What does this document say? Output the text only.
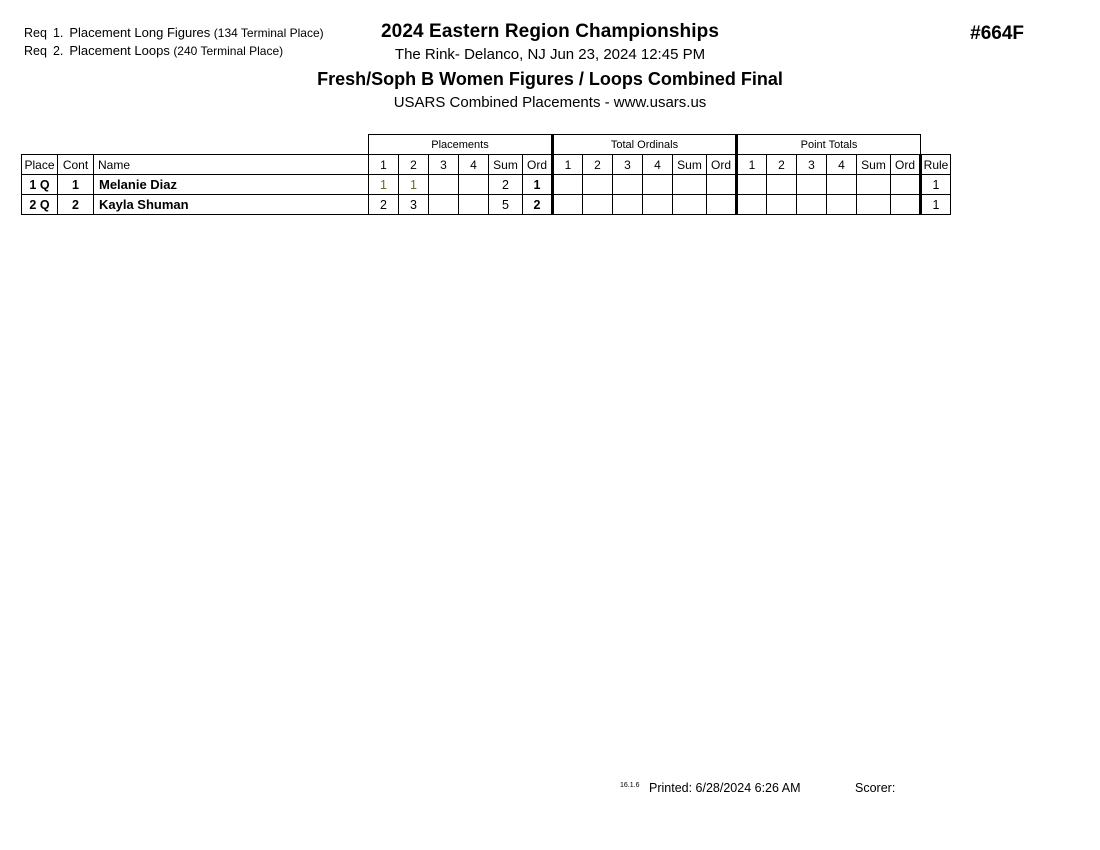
Req 1. Placement Long Figures (134 Terminal Place)
Req 2. Placement Loops (240 Terminal Place)
2024 Eastern Region Championships
The Rink- Delanco, NJ Jun 23, 2024 12:45 PM
Fresh/Soph B Women Figures / Loops Combined Final
USARS Combined Placements - www.usars.us
#664F
			Placements						Total Ordinals						Point Totals						
Place	Cont	Name	1	2	3	4	Sum	Ord	1	2	3	4	Sum	Ord	1	2	3	4	Sum	Ord	Rule
1 Q	1	Melanie Diaz	1	1			2	1													1
2 Q	2	Kayla Shuman	2	3			5	2													1
16.1.6 Printed: 6/28/2024 6:26 AM	Scorer:
